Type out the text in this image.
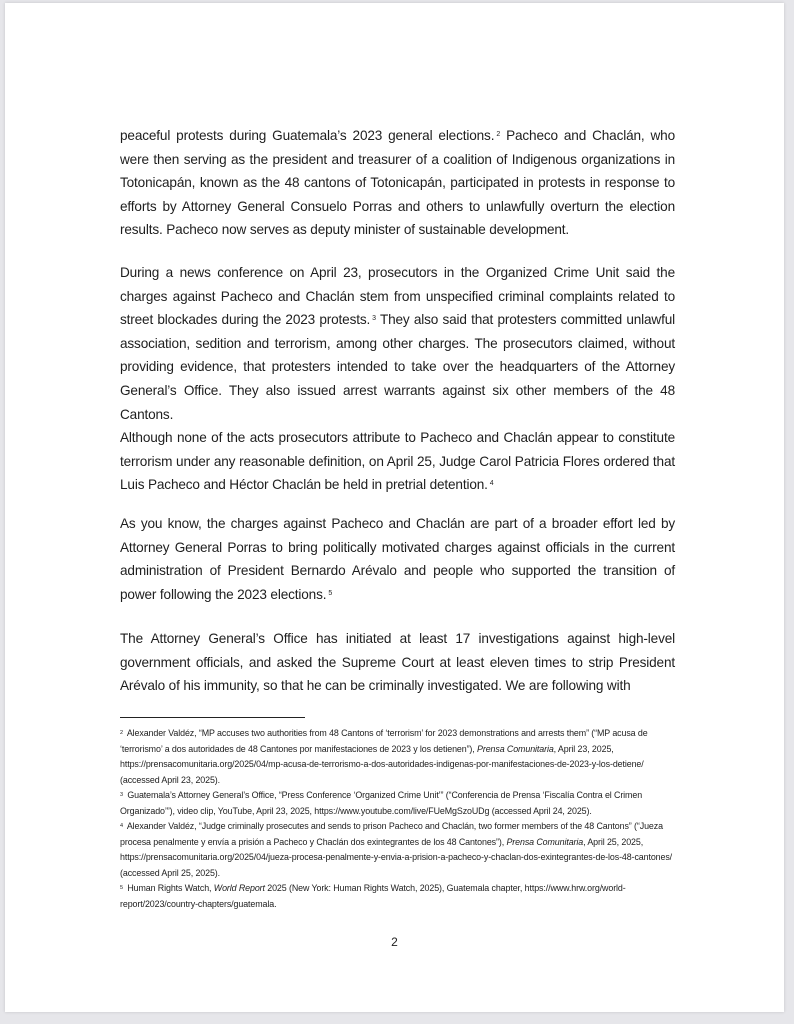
peaceful protests during Guatemala’s 2023 general elections. $^2$ Pacheco and Chaclán, who were then serving as the president and treasurer of a coalition of Indigenous organizations in Totonicapán, known as the 48 cantons of Totonicapán, participated in protests in response to efforts by Attorney General Consuelo Porras and others to unlawfully overturn the election results. Pacheco now serves as deputy minister of sustainable development.

During a news conference on April 23, prosecutors in the Organized Crime Unit said the charges against Pacheco and Chaclán stem from unspecified criminal complaints related to street blockades during the 2023 protests. $^3$ They also said that protesters committed unlawful association, sedition and terrorism, among other charges. The prosecutors claimed, without providing evidence, that protesters intended to take over the headquarters of the Attorney General’s Office. They also issued arrest warrants against six other members of the 48 Cantons.

Although none of the acts prosecutors attribute to Pacheco and Chaclán appear to constitute terrorism under any reasonable definition, on April 25, Judge Carol Patricia Flores ordered that Luis Pacheco and Héctor Chaclán be held in pretrial detention. $^4$

As you know, the charges against Pacheco and Chaclán are part of a broader effort led by Attorney General Porras to bring politically motivated charges against officials in the current administration of President Bernardo Arévalo and people who supported the transition of power following the 2023 elections. $^5$

The Attorney General’s Office has initiated at least 17 investigations against high-level government officials, and asked the Supreme Court at least eleven times to strip President Arévalo of his immunity, so that he can be criminally investigated. We are following with

$^2$ Alexander Valdéz, “MP accuses two authorities from 48 Cantons of ‘terrorism’ for 2023 demonstrations and arrests them” (“MP acusa de ‘terrorismo’ a dos autoridades de 48 Cantones por manifestaciones de 2023 y los detienen”), Prensa Comunitaria, April 23, 2025, https://prensacomunitaria.org/2025/04/mp-acusa-de-terrorismo-a-dos-autoridades-indigenas-por-manifestaciones-de-2023-y-los-detiene/ (accessed April 23, 2025).

$^3$ Guatemala’s Attorney General’s Office, “Press Conference ‘Organized Crime Unit’” (“Conferencia de Prensa ‘Fiscalía Contra el Crimen Organizado’”), video clip, YouTube, April 23, 2025, https://www.youtube.com/live/FUeMgSzoUDg (accessed April 24, 2025).

$^4$ Alexander Valdéz, “Judge criminally prosecutes and sends to prison Pacheco and Chaclán, two former members of the 48 Cantons” (“Jueza procesa penalmente y envía a prisión a Pacheco y Chaclán dos exintegrantes de los 48 Cantones”), Prensa Comunitaria, April 25, 2025, https://prensacomunitaria.org/2025/04/jueza-procesa-penalmente-y-envia-a-prision-a-pacheco-y-chaclan-dos-exintegrantes-de-los-48-cantones/ (accessed April 25, 2025).

$^5$ Human Rights Watch, World Report 2025 (New York: Human Rights Watch, 2025), Guatemala chapter, https://www.hrw.org/world-report/2023/country-chapters/guatemala.

2
